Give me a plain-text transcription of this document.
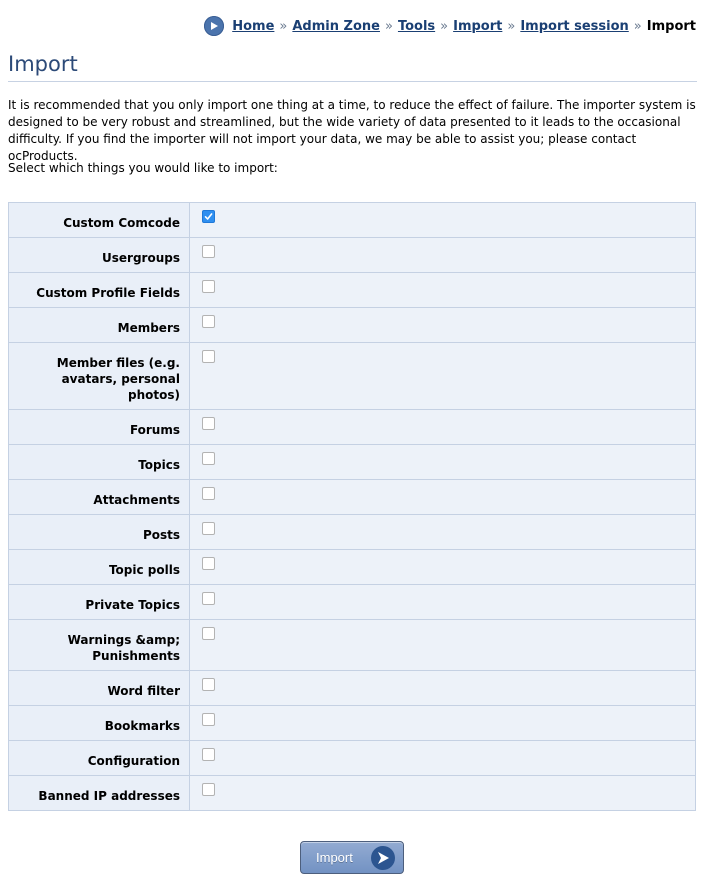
Home » Admin Zone » Tools » Import » Import session » Import
Import

It is recommended that you only import one thing at a time, to reduce the effect of failure. The importer system is designed to be very robust and streamlined, but the wide variety of data presented to it leads to the occasional difficulty. If you find the importer will not import your data, we may be able to assist you; please contact ocProducts.

Select which things you would like to import:

Custom Comcode	

Usergroups	

Custom Profile Fields	

Members	

Member files (e.g. avatars, personal photos)	

Forums	

Topics	

Attachments	

Posts	

Topic polls	

Private Topics	

Warnings &amp; Punishments	

Word filter	

Bookmarks	

Configuration	

Banned IP addresses	
Import
